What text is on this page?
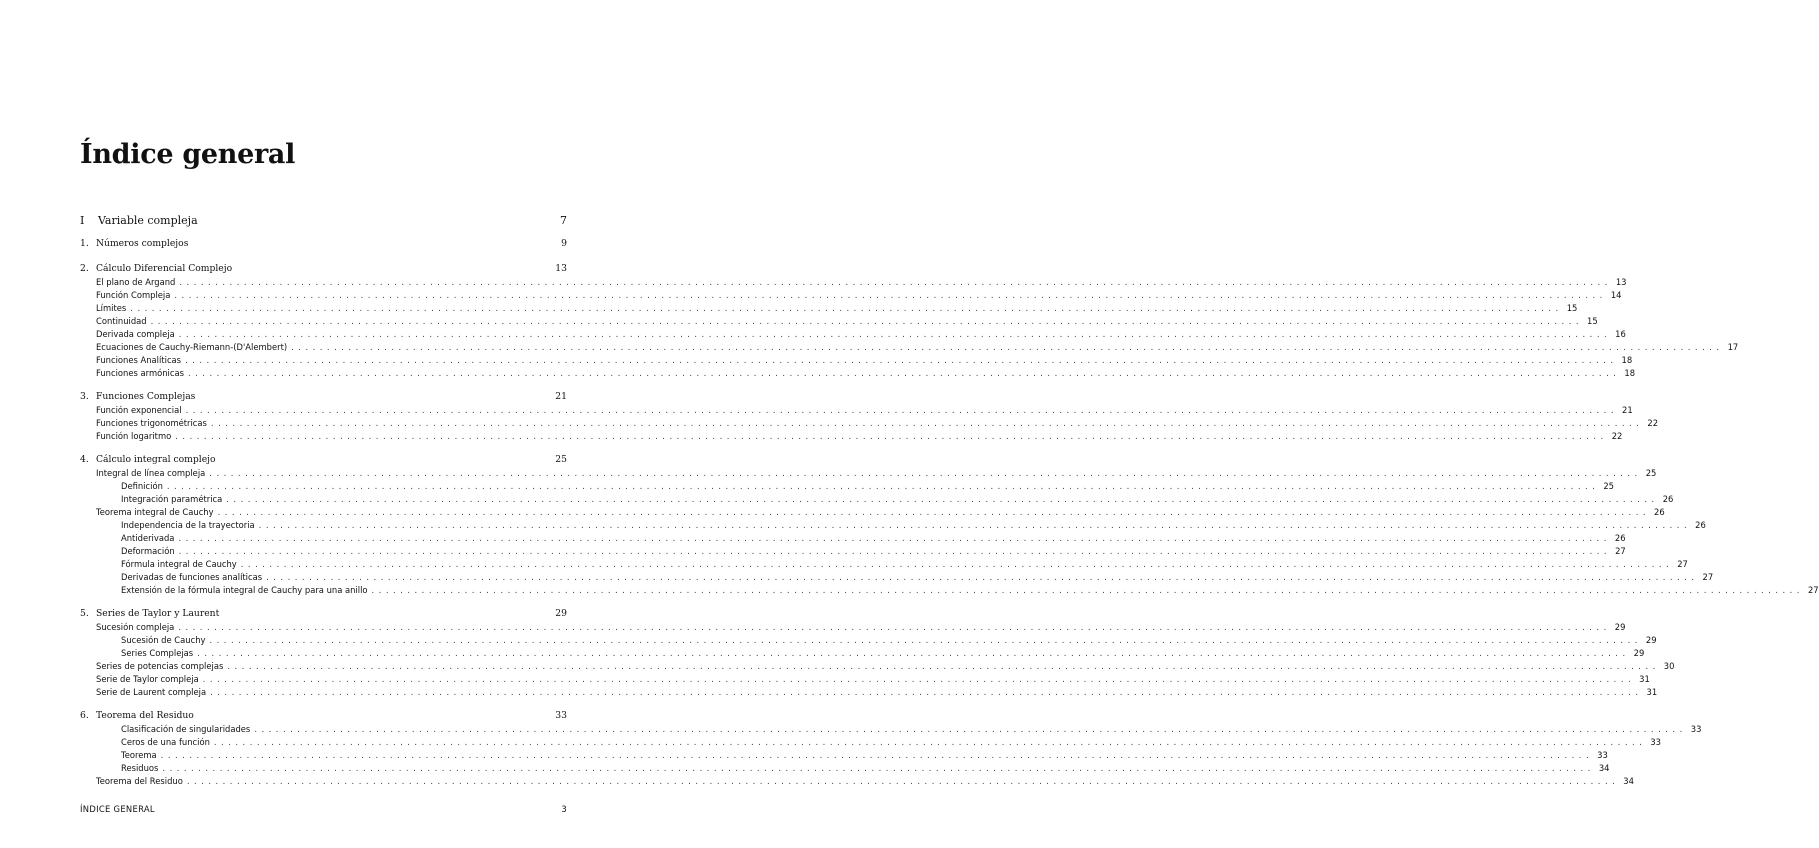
Índice general
I Variable compleja	7
1. Números complejos	9
2. Cálculo Diferencial Complejo	13
El plano de Argand ........................................................................................................................................................................................................ 13
Función Compleja ........................................................................................................................................................................................................ 14
Límites ........................................................................................................................................................................................................ 15
Continuidad ........................................................................................................................................................................................................ 15
Derivada compleja ........................................................................................................................................................................................................ 16
Ecuaciones de Cauchy-Riemann-(D'Alembert) ........................................................................................................................................................................................................ 17
Funciones Analíticas ........................................................................................................................................................................................................ 18
Funciones armónicas ........................................................................................................................................................................................................ 18
3. Funciones Complejas	21
Función exponencial ........................................................................................................................................................................................................ 21
Funciones trigonométricas ........................................................................................................................................................................................................ 22
Función logaritmo ........................................................................................................................................................................................................ 22
4. Cálculo integral complejo	25
Integral de línea compleja ........................................................................................................................................................................................................ 25
Definición ........................................................................................................................................................................................................ 25
Integración paramétrica ........................................................................................................................................................................................................ 26
Teorema integral de Cauchy ........................................................................................................................................................................................................ 26
Independencia de la trayectoria ........................................................................................................................................................................................................ 26
Antiderivada ........................................................................................................................................................................................................ 26
Deformación ........................................................................................................................................................................................................ 27
Fórmula integral de Cauchy ........................................................................................................................................................................................................ 27
Derivadas de funciones analíticas ........................................................................................................................................................................................................ 27
Extensión de la fórmula integral de Cauchy para una anillo ........................................................................................................................................................................................................ 27
5. Series de Taylor y Laurent	29
Sucesión compleja ........................................................................................................................................................................................................ 29
Sucesión de Cauchy ........................................................................................................................................................................................................ 29
Series Complejas ........................................................................................................................................................................................................ 29
Series de potencias complejas ........................................................................................................................................................................................................ 30
Serie de Taylor compleja ........................................................................................................................................................................................................ 31
Serie de Laurent compleja ........................................................................................................................................................................................................ 31
6. Teorema del Residuo	33
Clasificación de singularidades ........................................................................................................................................................................................................ 33
Ceros de una función ........................................................................................................................................................................................................ 33
Teorema ........................................................................................................................................................................................................ 33
Residuos ........................................................................................................................................................................................................ 34
Teorema del Residuo ........................................................................................................................................................................................................ 34
ÍNDICE GENERAL	3
